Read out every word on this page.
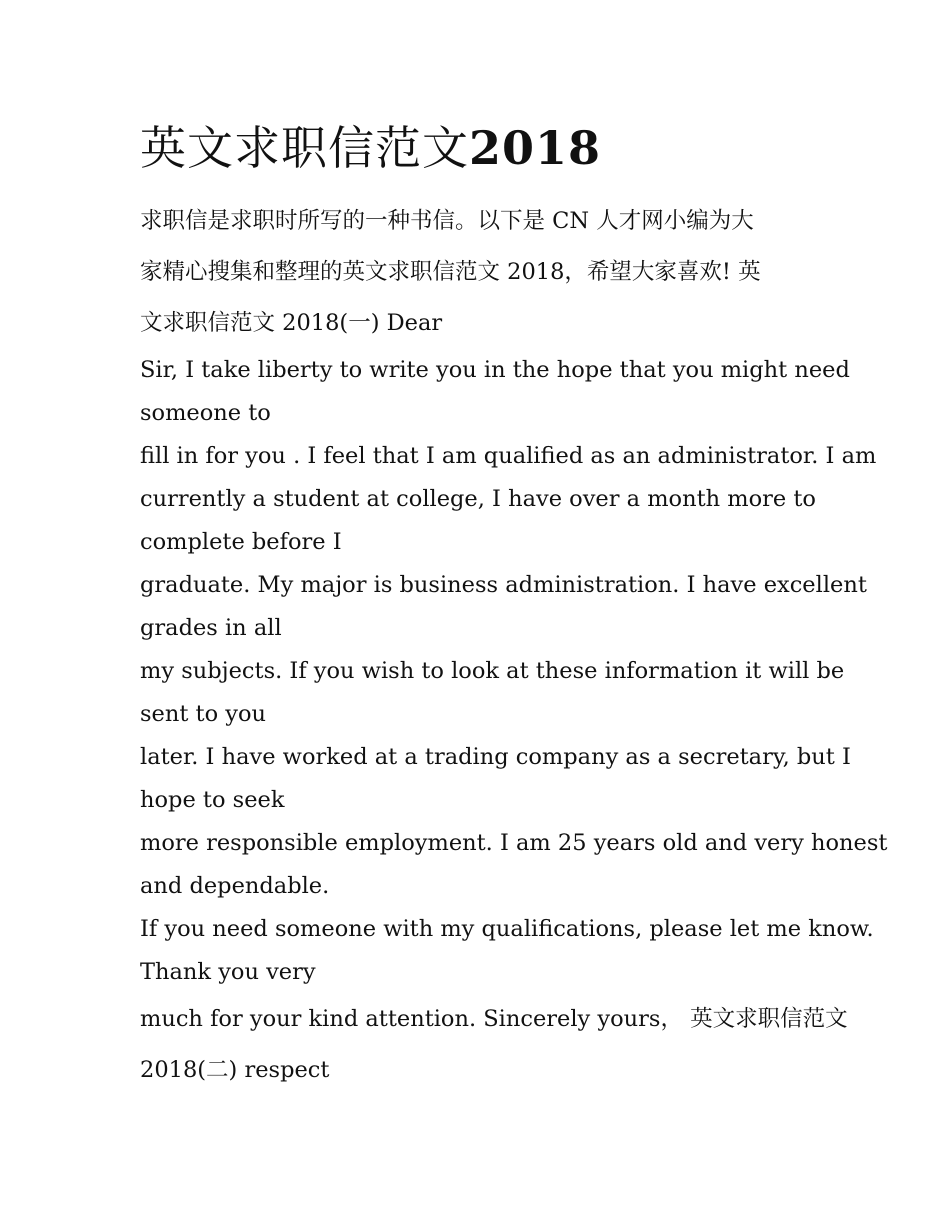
英文求职信范文2018
求职信是求职时所写的一种书信。以下是 CN 人才网小编为大
家精心搜集和整理的英文求职信范文 2018，希望大家喜欢! 英
文求职信范文 2018(一) Dear
Sir, I take liberty to write you in the hope that you might need
someone to
fill in for you . I feel that I am qualified as an administrator. I am
currently a student at college, I have over a month more to
complete before I
graduate. My major is business administration. I have excellent
grades in all
my subjects. If you wish to look at these information it will be
sent to you
later. I have worked at a trading company as a secretary, but I
hope to seek
more responsible employment. I am 25 years old and very honest
and dependable.
If you need someone with my qualifications, please let me know.
Thank you very
much for your kind attention. Sincerely yours， 英文求职信范文
2018(二) respect
